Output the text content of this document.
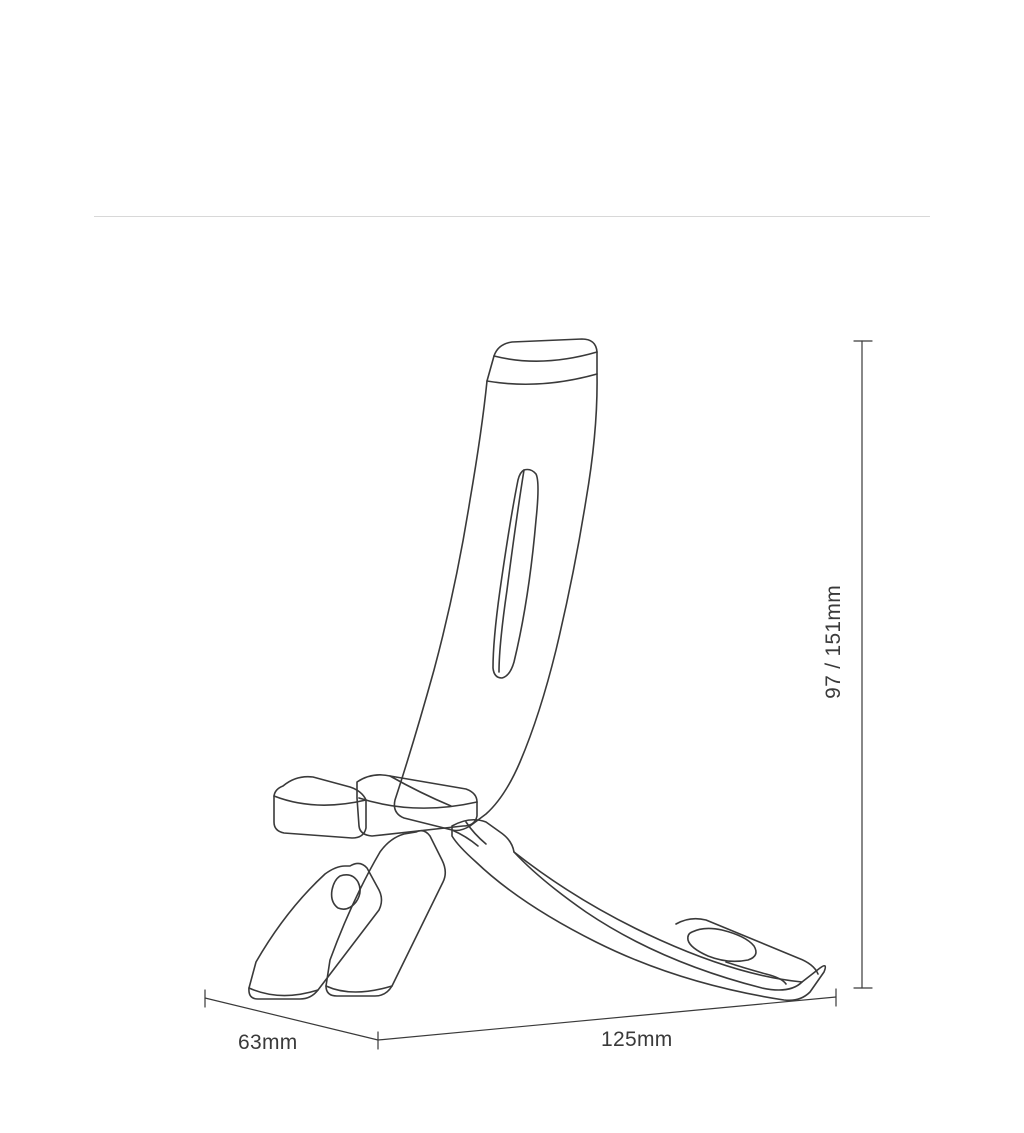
97 / 151mm
63mm	125mm
